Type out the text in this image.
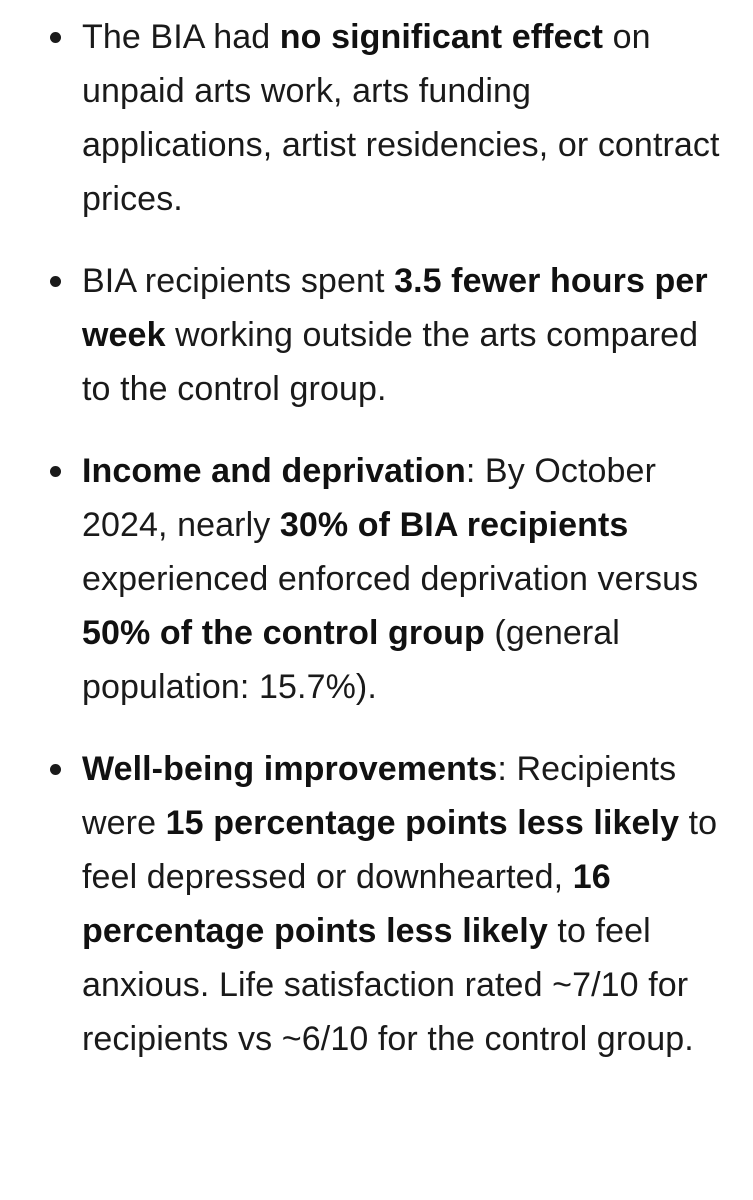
The BIA had no significant effect on unpaid arts work, arts funding applications, artist residencies, or contract prices.
BIA recipients spent 3.5 fewer hours per week working outside the arts compared to the control group.
Income and deprivation: By October 2024, nearly 30% of BIA recipients experienced enforced deprivation versus 50% of the control group (general population: 15.7%).
Well-being improvements: Recipients were 15 percentage points less likely to feel depressed or downhearted, 16 percentage points less likely to feel anxious. Life satisfaction rated ~7/10 for recipients vs ~6/10 for the control group.
